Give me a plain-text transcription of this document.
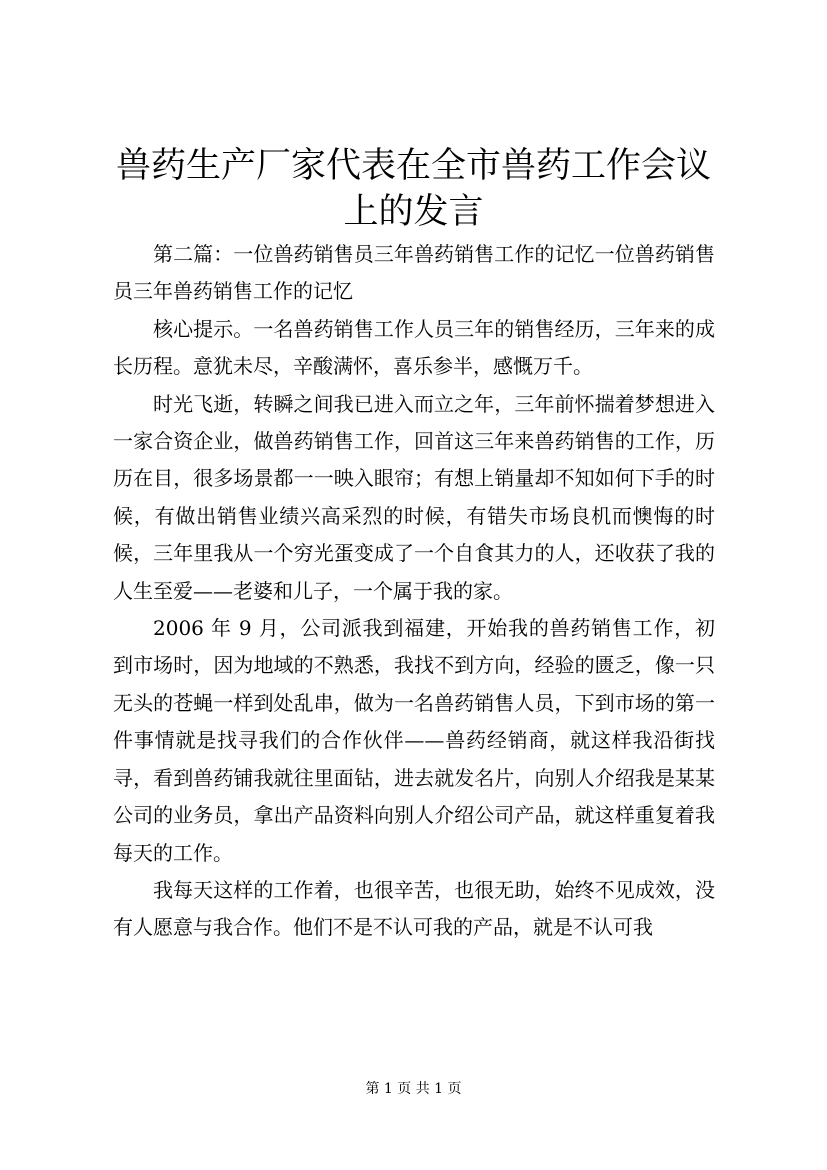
兽药生产厂家代表在全市兽药工作会议上的发言

第二篇：一位兽药销售员三年兽药销售工作的记忆一位兽药销售员三年兽药销售工作的记忆

核心提示。一名兽药销售工作人员三年的销售经历，三年来的成长历程。意犹未尽，辛酸满怀，喜乐参半，感慨万千。

时光飞逝，转瞬之间我已进入而立之年，三年前怀揣着梦想进入一家合资企业，做兽药销售工作，回首这三年来兽药销售的工作，历历在目，很多场景都一一映入眼帘；有想上销量却不知如何下手的时候，有做出销售业绩兴高采烈的时候，有错失市场良机而懊悔的时候，三年里我从一个穷光蛋变成了一个自食其力的人，还收获了我的人生至爱——老婆和儿子，一个属于我的家。

2006 年 9 月，公司派我到福建，开始我的兽药销售工作，初到市场时，因为地域的不熟悉，我找不到方向，经验的匮乏，像一只无头的苍蝇一样到处乱串，做为一名兽药销售人员，下到市场的第一件事情就是找寻我们的合作伙伴——兽药经销商，就这样我沿街找寻，看到兽药铺我就往里面钻，进去就发名片，向别人介绍我是某某公司的业务员，拿出产品资料向别人介绍公司产品，就这样重复着我每天的工作。

我每天这样的工作着，也很辛苦，也很无助，始终不见成效，没有人愿意与我合作。他们不是不认可我的产品，就是不认可我

第 1 页 共 1 页
